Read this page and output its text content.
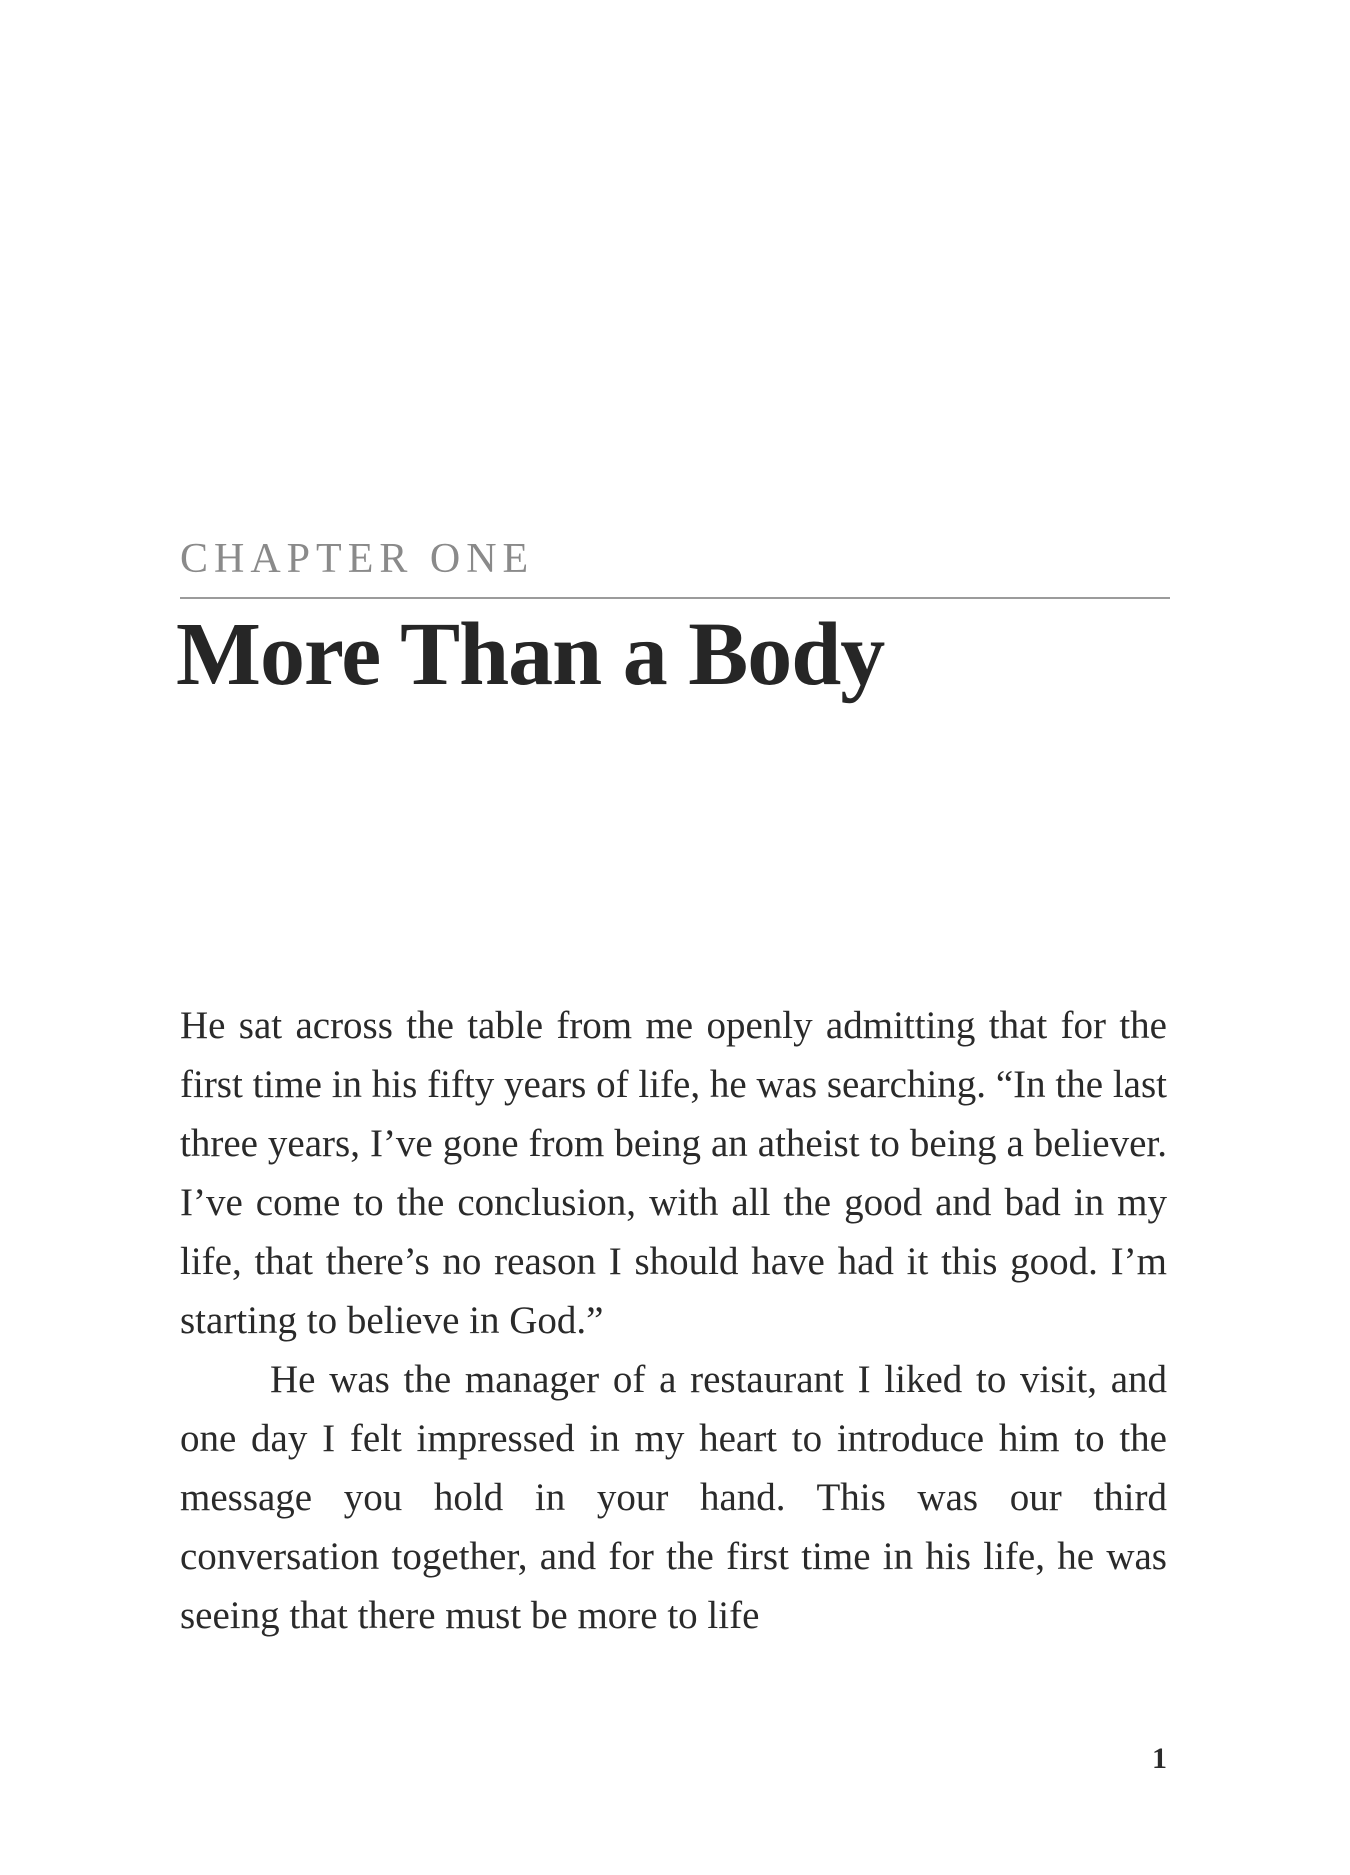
CHAPTER ONE
More Than a Body

He sat across the table from me openly admitting that for the first time in his fifty years of life, he was searching. “In the last three years, I’ve gone from being an atheist to being a believer. I’ve come to the conclusion, with all the good and bad in my life, that there’s no reason I should have had it this good. I’m starting to believe in God.”

He was the manager of a restaurant I liked to visit, and one day I felt impressed in my heart to introduce him to the message you hold in your hand. This was our third conversation together, and for the first time in his life, he was seeing that there must be more to life

1
